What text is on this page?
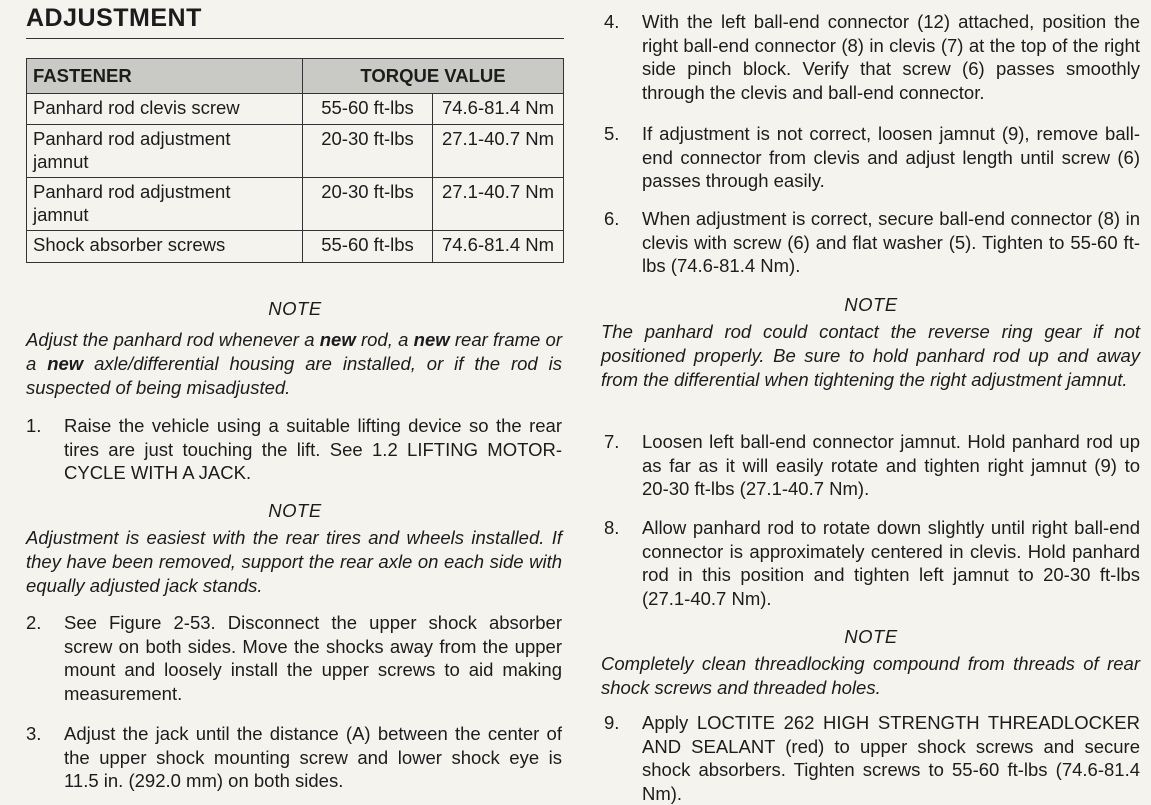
ADJUSTMENT
FASTENER	TORQUE VALUE	
Panhard rod clevis screw	55-60 ft-lbs	74.6-81.4 Nm
Panhard rod adjustment jamnut	20-30 ft-lbs	27.1-40.7 Nm
Panhard rod adjustment jamnut	20-30 ft-lbs	27.1-40.7 Nm
Shock absorber screws	55-60 ft-lbs	74.6-81.4 Nm
NOTE
Adjust the panhard rod whenever a new rod, a new rear frame or a new axle/differential housing are installed, or if the rod is suspected of being misadjusted.
1. Raise the vehicle using a suitable lifting device so the rear tires are just touching the lift. See 1.2 LIFTING MOTOR-CYCLE WITH A JACK.
NOTE
Adjustment is easiest with the rear tires and wheels installed. If they have been removed, support the rear axle on each side with equally adjusted jack stands.
2. See Figure 2-53. Disconnect the upper shock absorber screw on both sides. Move the shocks away from the upper mount and loosely install the upper screws to aid making measurement.
3. Adjust the jack until the distance (A) between the center of the upper shock mounting screw and lower shock eye is 11.5 in. (292.0 mm) on both sides.
4. With the left ball-end connector (12) attached, position the right ball-end connector (8) in clevis (7) at the top of the right side pinch block. Verify that screw (6) passes smoothly through the clevis and ball-end connector.
5. If adjustment is not correct, loosen jamnut (9), remove ball-end connector from clevis and adjust length until screw (6) passes through easily.
6. When adjustment is correct, secure ball-end connector (8) in clevis with screw (6) and flat washer (5). Tighten to 55-60 ft-lbs (74.6-81.4 Nm).
NOTE
The panhard rod could contact the reverse ring gear if not positioned properly. Be sure to hold panhard rod up and away from the differential when tightening the right adjustment jamnut.
7. Loosen left ball-end connector jamnut. Hold panhard rod up as far as it will easily rotate and tighten right jamnut (9) to 20-30 ft-lbs (27.1-40.7 Nm).
8. Allow panhard rod to rotate down slightly until right ball-end connector is approximately centered in clevis. Hold panhard rod in this position and tighten left jamnut to 20-30 ft-lbs (27.1-40.7 Nm).
NOTE
Completely clean threadlocking compound from threads of rear shock screws and threaded holes.
9. Apply LOCTITE 262 HIGH STRENGTH THREADLOCKER AND SEALANT (red) to upper shock screws and secure shock absorbers. Tighten screws to 55-60 ft-lbs (74.6-81.4 Nm).
